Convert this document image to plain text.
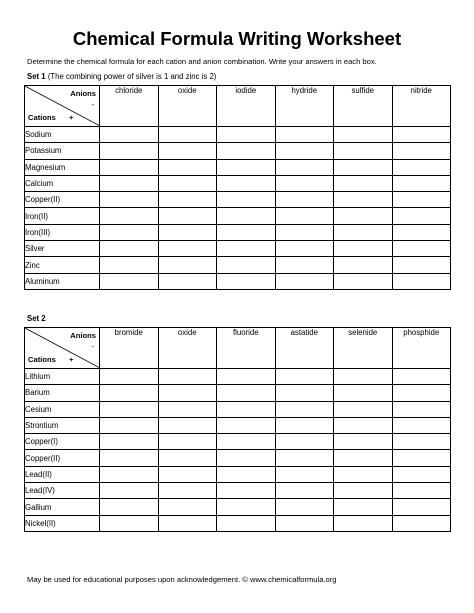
Chemical Formula Writing Worksheet
Determine the chemical formula for each cation and anion combination. Write your answers in each box.
Set 1 (The combining power of silver is 1 and zinc is 2)
Anions
-
Cations +	chloride	oxide	iodide	hydride	sulfide	nitride
Sodium						
Potassium						
Magnesium						
Calcium						
Copper(II)						
Iron(II)						
Iron(III)						
Silver						
Zinc						
Aluminum						
Set 2
Anions
-
Cations +	bromide	oxide	fluoride	astatide	selenide	phosphide
Lithium						
Barium						
Cesium						
Strontium						
Copper(I)						
Copper(II)						
Lead(II)						
Lead(IV)						
Gallium						
Nickel(II)						
May be used for educational purposes upon acknowledgement. © www.chemicalformula.org
